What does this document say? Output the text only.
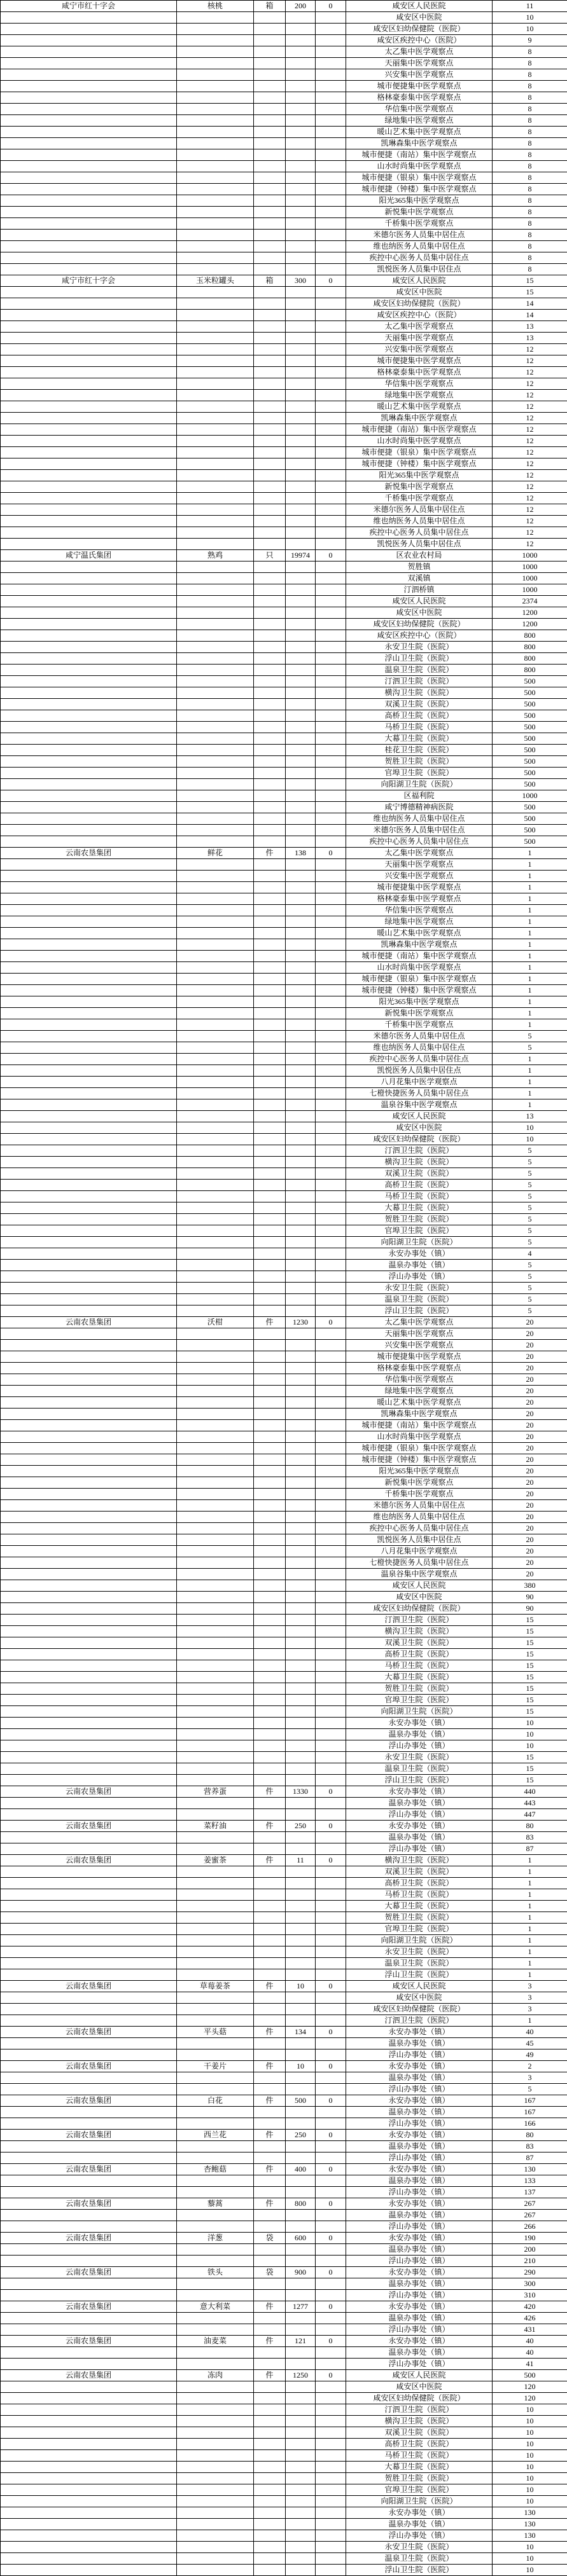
咸宁市红十字会	核桃	箱	200	0	咸安区人民医院	11
					咸安区中医院	10
					咸安区妇幼保健院（医院）	10
					咸安区疾控中心（医院）	9
					太乙集中医学观察点	8
					天丽集中医学观察点	8
					兴安集中医学观察点	8
					城市便捷集中医学观察点	8
					格林豪泰集中医学观察点	8
					华信集中医学观察点	8
					绿地集中医学观察点	8
					暖山艺术集中医学观察点	8
					凯琳森集中医学观察点	8
					城市便捷（南站）集中医学观察点	8
					山水时尚集中医学观察点	8
					城市便捷（银泉）集中医学观察点	8
					城市便捷（钟楼）集中医学观察点	8
					阳光365集中医学观察点	8
					新悦集中医学观察点	8
					千桥集中医学观察点	8
					米德尔医务人员集中居住点	8
					维也纳医务人员集中居住点	8
					疾控中心医务人员集中居住点	8
					凯悦医务人员集中居住点	8
咸宁市红十字会	玉米粒罐头	箱	300	0	咸安区人民医院	15
					咸安区中医院	15
					咸安区妇幼保健院（医院）	14
					咸安区疾控中心（医院）	14
					太乙集中医学观察点	13
					天丽集中医学观察点	13
					兴安集中医学观察点	12
					城市便捷集中医学观察点	12
					格林豪泰集中医学观察点	12
					华信集中医学观察点	12
					绿地集中医学观察点	12
					暖山艺术集中医学观察点	12
					凯琳森集中医学观察点	12
					城市便捷（南站）集中医学观察点	12
					山水时尚集中医学观察点	12
					城市便捷（银泉）集中医学观察点	12
					城市便捷（钟楼）集中医学观察点	12
					阳光365集中医学观察点	12
					新悦集中医学观察点	12
					千桥集中医学观察点	12
					米德尔医务人员集中居住点	12
					维也纳医务人员集中居住点	12
					疾控中心医务人员集中居住点	12
					凯悦医务人员集中居住点	12
咸宁温氏集团	熟鸡	只	19974	0	区农业农村局	1000
					贺胜镇	1000
					双溪镇	1000
					汀泗桥镇	1000
					咸安区人民医院	2374
					咸安区中医院	1200
					咸安区妇幼保健院（医院）	1200
					咸安区疾控中心（医院）	800
					永安卫生院（医院）	800
					浮山卫生院（医院）	800
					温泉卫生院（医院）	800
					汀泗卫生院（医院）	500
					横沟卫生院（医院）	500
					双溪卫生院（医院）	500
					高桥卫生院（医院）	500
					马桥卫生院（医院）	500
					大幕卫生院（医院）	500
					桂花卫生院（医院）	500
					贺胜卫生院（医院）	500
					官埠卫生院（医院）	500
					向阳湖卫生院（医院）	500
					区福利院	1000
					咸宁博德精神病医院	500
					维也纳医务人员集中居住点	500
					米德尔医务人员集中居住点	500
					疾控中心医务人员集中居住点	500
云南农垦集团	鲜花	件	138	0	太乙集中医学观察点	1
					天丽集中医学观察点	1
					兴安集中医学观察点	1
					城市便捷集中医学观察点	1
					格林豪泰集中医学观察点	1
					华信集中医学观察点	1
					绿地集中医学观察点	1
					暖山艺术集中医学观察点	1
					凯琳森集中医学观察点	1
					城市便捷（南站）集中医学观察点	1
					山水时尚集中医学观察点	1
					城市便捷（银泉）集中医学观察点	1
					城市便捷（钟楼）集中医学观察点	1
					阳光365集中医学观察点	1
					新悦集中医学观察点	1
					千桥集中医学观察点	1
					米德尔医务人员集中居住点	5
					维也纳医务人员集中居住点	5
					疾控中心医务人员集中居住点	1
					凯悦医务人员集中居住点	1
					八月花集中医学观察点	1
					七橙快捷医务人员集中居住点	1
					温泉谷集中医学观察点	1
					咸安区人民医院	13
					咸安区中医院	10
					咸安区妇幼保健院（医院）	10
					汀泗卫生院（医院）	5
					横沟卫生院（医院）	5
					双溪卫生院（医院）	5
					高桥卫生院（医院）	5
					马桥卫生院（医院）	5
					大幕卫生院（医院）	5
					贺胜卫生院（医院）	5
					官埠卫生院（医院）	5
					向阳湖卫生院（医院）	5
					永安办事处（镇）	4
					温泉办事处（镇）	5
					浮山办事处（镇）	5
					永安卫生院（医院）	5
					温泉卫生院（医院）	5
					浮山卫生院（医院）	5
云南农垦集团	沃柑	件	1230	0	太乙集中医学观察点	20
					天丽集中医学观察点	20
					兴安集中医学观察点	20
					城市便捷集中医学观察点	20
					格林豪泰集中医学观察点	20
					华信集中医学观察点	20
					绿地集中医学观察点	20
					暖山艺术集中医学观察点	20
					凯琳森集中医学观察点	20
					城市便捷（南站）集中医学观察点	20
					山水时尚集中医学观察点	20
					城市便捷（银泉）集中医学观察点	20
					城市便捷（钟楼）集中医学观察点	20
					阳光365集中医学观察点	20
					新悦集中医学观察点	20
					千桥集中医学观察点	20
					米德尔医务人员集中居住点	20
					维也纳医务人员集中居住点	20
					疾控中心医务人员集中居住点	20
					凯悦医务人员集中居住点	20
					八月花集中医学观察点	20
					七橙快捷医务人员集中居住点	20
					温泉谷集中医学观察点	20
					咸安区人民医院	380
					咸安区中医院	90
					咸安区妇幼保健院（医院）	90
					汀泗卫生院（医院）	15
					横沟卫生院（医院）	15
					双溪卫生院（医院）	15
					高桥卫生院（医院）	15
					马桥卫生院（医院）	15
					大幕卫生院（医院）	15
					贺胜卫生院（医院）	15
					官埠卫生院（医院）	15
					向阳湖卫生院（医院）	15
					永安办事处（镇）	10
					温泉办事处（镇）	10
					浮山办事处（镇）	10
					永安卫生院（医院）	15
					温泉卫生院（医院）	15
					浮山卫生院（医院）	15
云南农垦集团	营养蛋	件	1330	0	永安办事处（镇）	440
					温泉办事处（镇）	443
					浮山办事处（镇）	447
云南农垦集团	菜籽油	件	250	0	永安办事处（镇）	80
					温泉办事处（镇）	83
					浮山办事处（镇）	87
云南农垦集团	姜蜜茶	件	11	0	横沟卫生院（医院）	1
					双溪卫生院（医院）	1
					高桥卫生院（医院）	1
					马桥卫生院（医院）	1
					大幕卫生院（医院）	1
					贺胜卫生院（医院）	1
					官埠卫生院（医院）	1
					向阳湖卫生院（医院）	1
					永安卫生院（医院）	1
					温泉卫生院（医院）	1
					浮山卫生院（医院）	1
云南农垦集团	草莓姜茶	件	10	0	咸安区人民医院	3
					咸安区中医院	3
					咸安区妇幼保健院（医院）	3
					汀泗卫生院（医院）	1
云南农垦集团	平头菇	件	134	0	永安办事处（镇）	40
					温泉办事处（镇）	45
					浮山办事处（镇）	49
云南农垦集团	干姜片	件	10	0	永安办事处（镇）	2
					温泉办事处（镇）	3
					浮山办事处（镇）	5
云南农垦集团	白花	件	500	0	永安办事处（镇）	167
					温泉办事处（镇）	167
					浮山办事处（镇）	166
云南农垦集团	西兰花	件	250	0	永安办事处（镇）	80
					温泉办事处（镇）	83
					浮山办事处（镇）	87
云南农垦集团	杏鲍菇	件	400	0	永安办事处（镇）	130
					温泉办事处（镇）	133
					浮山办事处（镇）	137
云南农垦集团	藜蒿	件	800	0	永安办事处（镇）	267
					温泉办事处（镇）	267
					浮山办事处（镇）	266
云南农垦集团	洋葱	袋	600	0	永安办事处（镇）	190
					温泉办事处（镇）	200
					浮山办事处（镇）	210
云南农垦集团	铁头	袋	900	0	永安办事处（镇）	290
					温泉办事处（镇）	300
					浮山办事处（镇）	310
云南农垦集团	意大利菜	件	1277	0	永安办事处（镇）	420
					温泉办事处（镇）	426
					浮山办事处（镇）	431
云南农垦集团	油麦菜	件	121	0	永安办事处（镇）	40
					温泉办事处（镇）	40
					浮山办事处（镇）	41
云南农垦集团	冻肉	件	1250	0	咸安区人民医院	500
					咸安区中医院	120
					咸安区妇幼保健院（医院）	120
					汀泗卫生院（医院）	10
					横沟卫生院（医院）	10
					双溪卫生院（医院）	10
					高桥卫生院（医院）	10
					马桥卫生院（医院）	10
					大幕卫生院（医院）	10
					贺胜卫生院（医院）	10
					官埠卫生院（医院）	10
					向阳湖卫生院（医院）	10
					永安办事处（镇）	130
					温泉办事处（镇）	130
					浮山办事处（镇）	130
					永安卫生院（医院）	10
					温泉卫生院（医院）	10
					浮山卫生院（医院）	10
